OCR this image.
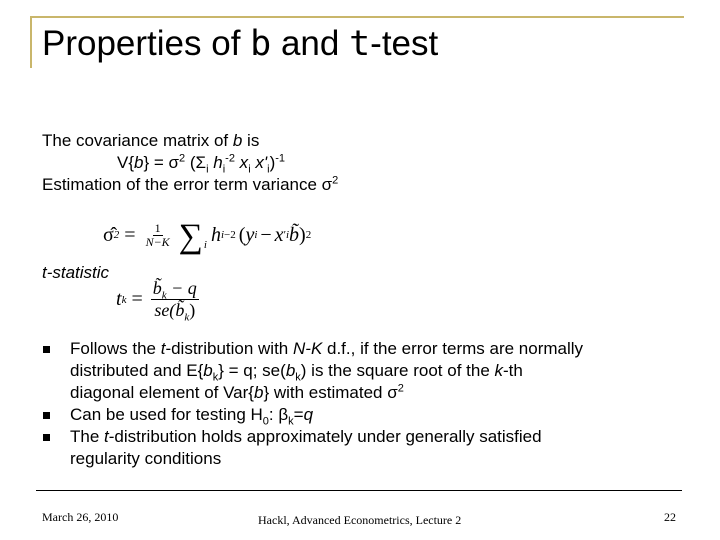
Properties of b and t-test

The covariance matrix of b is

$V\{b\} = \sigma^2$ ($\Sigma_i$ $h_i^{-2}$ $x_i$ $x'_i)^{-1}$

Estimation of the error term variance $\sigma^2$

σ̂ $2 = \frac{1}{N-K}$ ∑ i h i −2 ( y i − x ′ i b̃ ) 2
t-statistic
t $k = \frac{b̃_k - q}{se(b̃_k)}$
Follows the t-distribution with N-K d.f., if the error terms are normally
distributed and $E\{b_k\} = q$; $se(b_k)$ is the square root of the k-th
diagonal element of Var{b} with estimated $\sigma^2$
Can be used for testing $H_0$: $\beta_k=q$
The t-distribution holds approximately under generally satisfied
regularity conditions
March 26, 2010	Hackl, Advanced Econometrics, Lecture 2	22
